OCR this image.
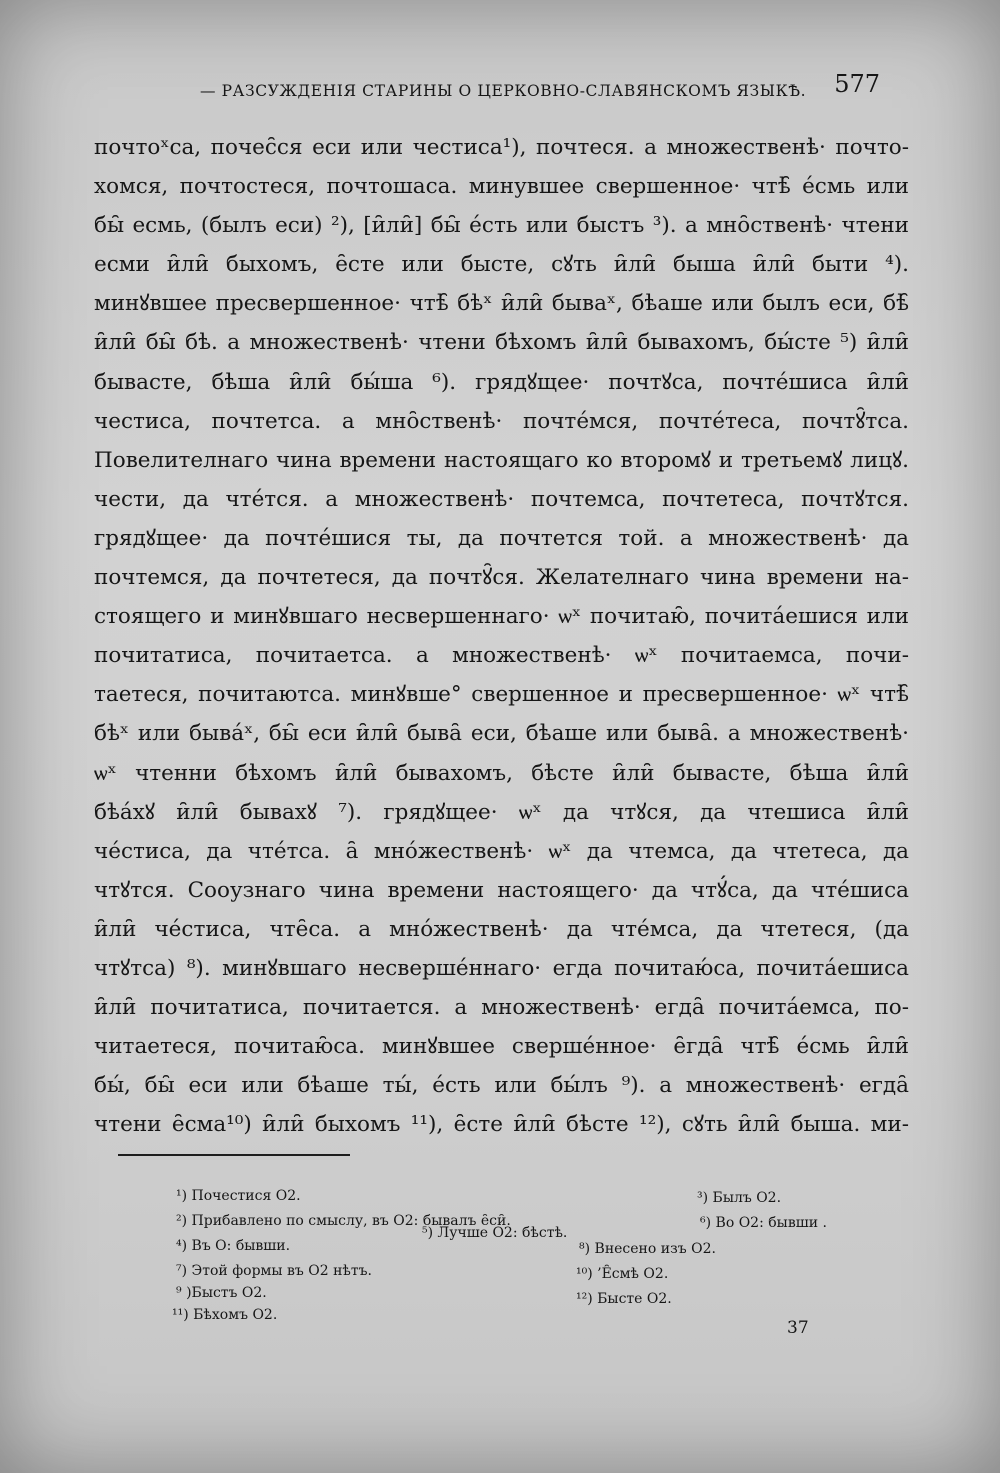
— РАЗСУЖДЕНІЯ СТАРИНЫ О ЦЕРКОВНО-СЛАВЯНСКОМЪ ЯЗЫКѢ. 577
почтоˣса, почес̑ся еси или честиса¹), почтеся. а множественѣ· почто-
хомся, почтостеся, почтошаса. минувшее свершенное· чтѣ̑ е́смь или
бы̑ есмь, (былъ еси) ²), [и̑ли̑] бы̑ е́сть или быстъ ³). а мно̑ственѣ· чтени
есми и̑ли̑ быхомъ, е̑сте или бысте, сꙋть и̑ли̑ быша и̑ли̑ быти ⁴).
минꙋвшее пресвершенное· чтѣ̑ бѣˣ и̑ли̑ бываˣ, бѣаше или былъ еси, бѣ̑
и̑ли̑ бы̑ бѣ. а множественѣ· чтени бѣхомъ и̑ли̑ бываxомъ, бы́сте ⁵) и̑ли̑
бываcте, бѣша и̑ли̑ бы́ша ⁶). грядꙋщее· почтꙋса, почте́шиса и̑ли̑
честиса, почтетса. а мно̑ственѣ· почте́мся, почте́теса, почтꙋ̑тса.
Повелителнаго чина времени настоящаго ко второмꙋ и третьемꙋ лицꙋ.
чести, да чте́тся. а множественѣ· почтемса, почтетеса, почтꙋтся.
грядꙋщее· да почте́шися ты, да почтется той. а множественѣ· да
почтемся, да почтетеся, да почтꙋ̑ся. Желателнаго чина времени на-
стоящего и минꙋвшаго несвершеннаго· ѡˣ почитаю̑, почита́ешися или
почитатиса, почитаетса. а множественѣ· ѡˣ почитаемса, почи-
таетеся, почитаютса. минꙋвше° свершенное и пресвершенное· ѡˣ чтѣ̑
бѣˣ или быва́ˣ, бы̑ еси и̑ли̑ быва̑ еси, бѣаше или быва̑. а множественѣ·
ѡˣ чтенни бѣхомъ и̑ли̑ бывахомъ, бѣсте и̑ли̑ бываcте, бѣша и̑ли̑
бѣа́хꙋ и̑ли̑ бывахꙋ ⁷). грядꙋщее· ѡˣ да чтꙋся, да чтешиса и̑ли̑
че́стиса, да чте́тса. а̑ мно́жественѣ· ѡˣ да чтемса, да чтетеса, да
чтꙋтся. Соoузнаго чина времени настоящего· да чтꙋ́са, да чте́шиса
и̑ли̑ че́стиса, чте̑са. а мно́жественѣ· да чте́мса, да чтетеся, (да
чтꙋтса) ⁸). минꙋвшаго несверше́ннаго· егда почитаю́са, почита́ешиса
и̑ли̑ почитатиса, почитается. а множественѣ· егда̑ почита́емса, по-
читаетеся, почитаю̑са. минꙋвшее сверше́нное· е̑гда̑ чтѣ̑ е́смь и̑ли̑
бы́, бы̑ еси или бѣаше ты́, е́сть или бы́лъ ⁹). а множественѣ· егда̑
чтени е̑сма¹⁰) и̑ли̑ быхомъ ¹¹), е̑сте и̑ли̑ бѣсте ¹²), сꙋть и̑ли̑ быша. ми-
¹) Почестися О2.
²) Прибавлено по смыслу, въ О2: бывалъ е̑си̑.
³) Былъ О2.
⁴) Въ О: бывши.
⁵) Лучше О2: бѣстѣ.
⁶) Во О2: бывши .
⁷) Этой формы въ О2 нѣтъ.
⁸) Внесено изъ О2.
⁹ )Быстъ О2.
¹⁰) ’Е̑смѣ О2.
¹¹) Бѣхомъ О2.
¹²) Бысте О2.
37
